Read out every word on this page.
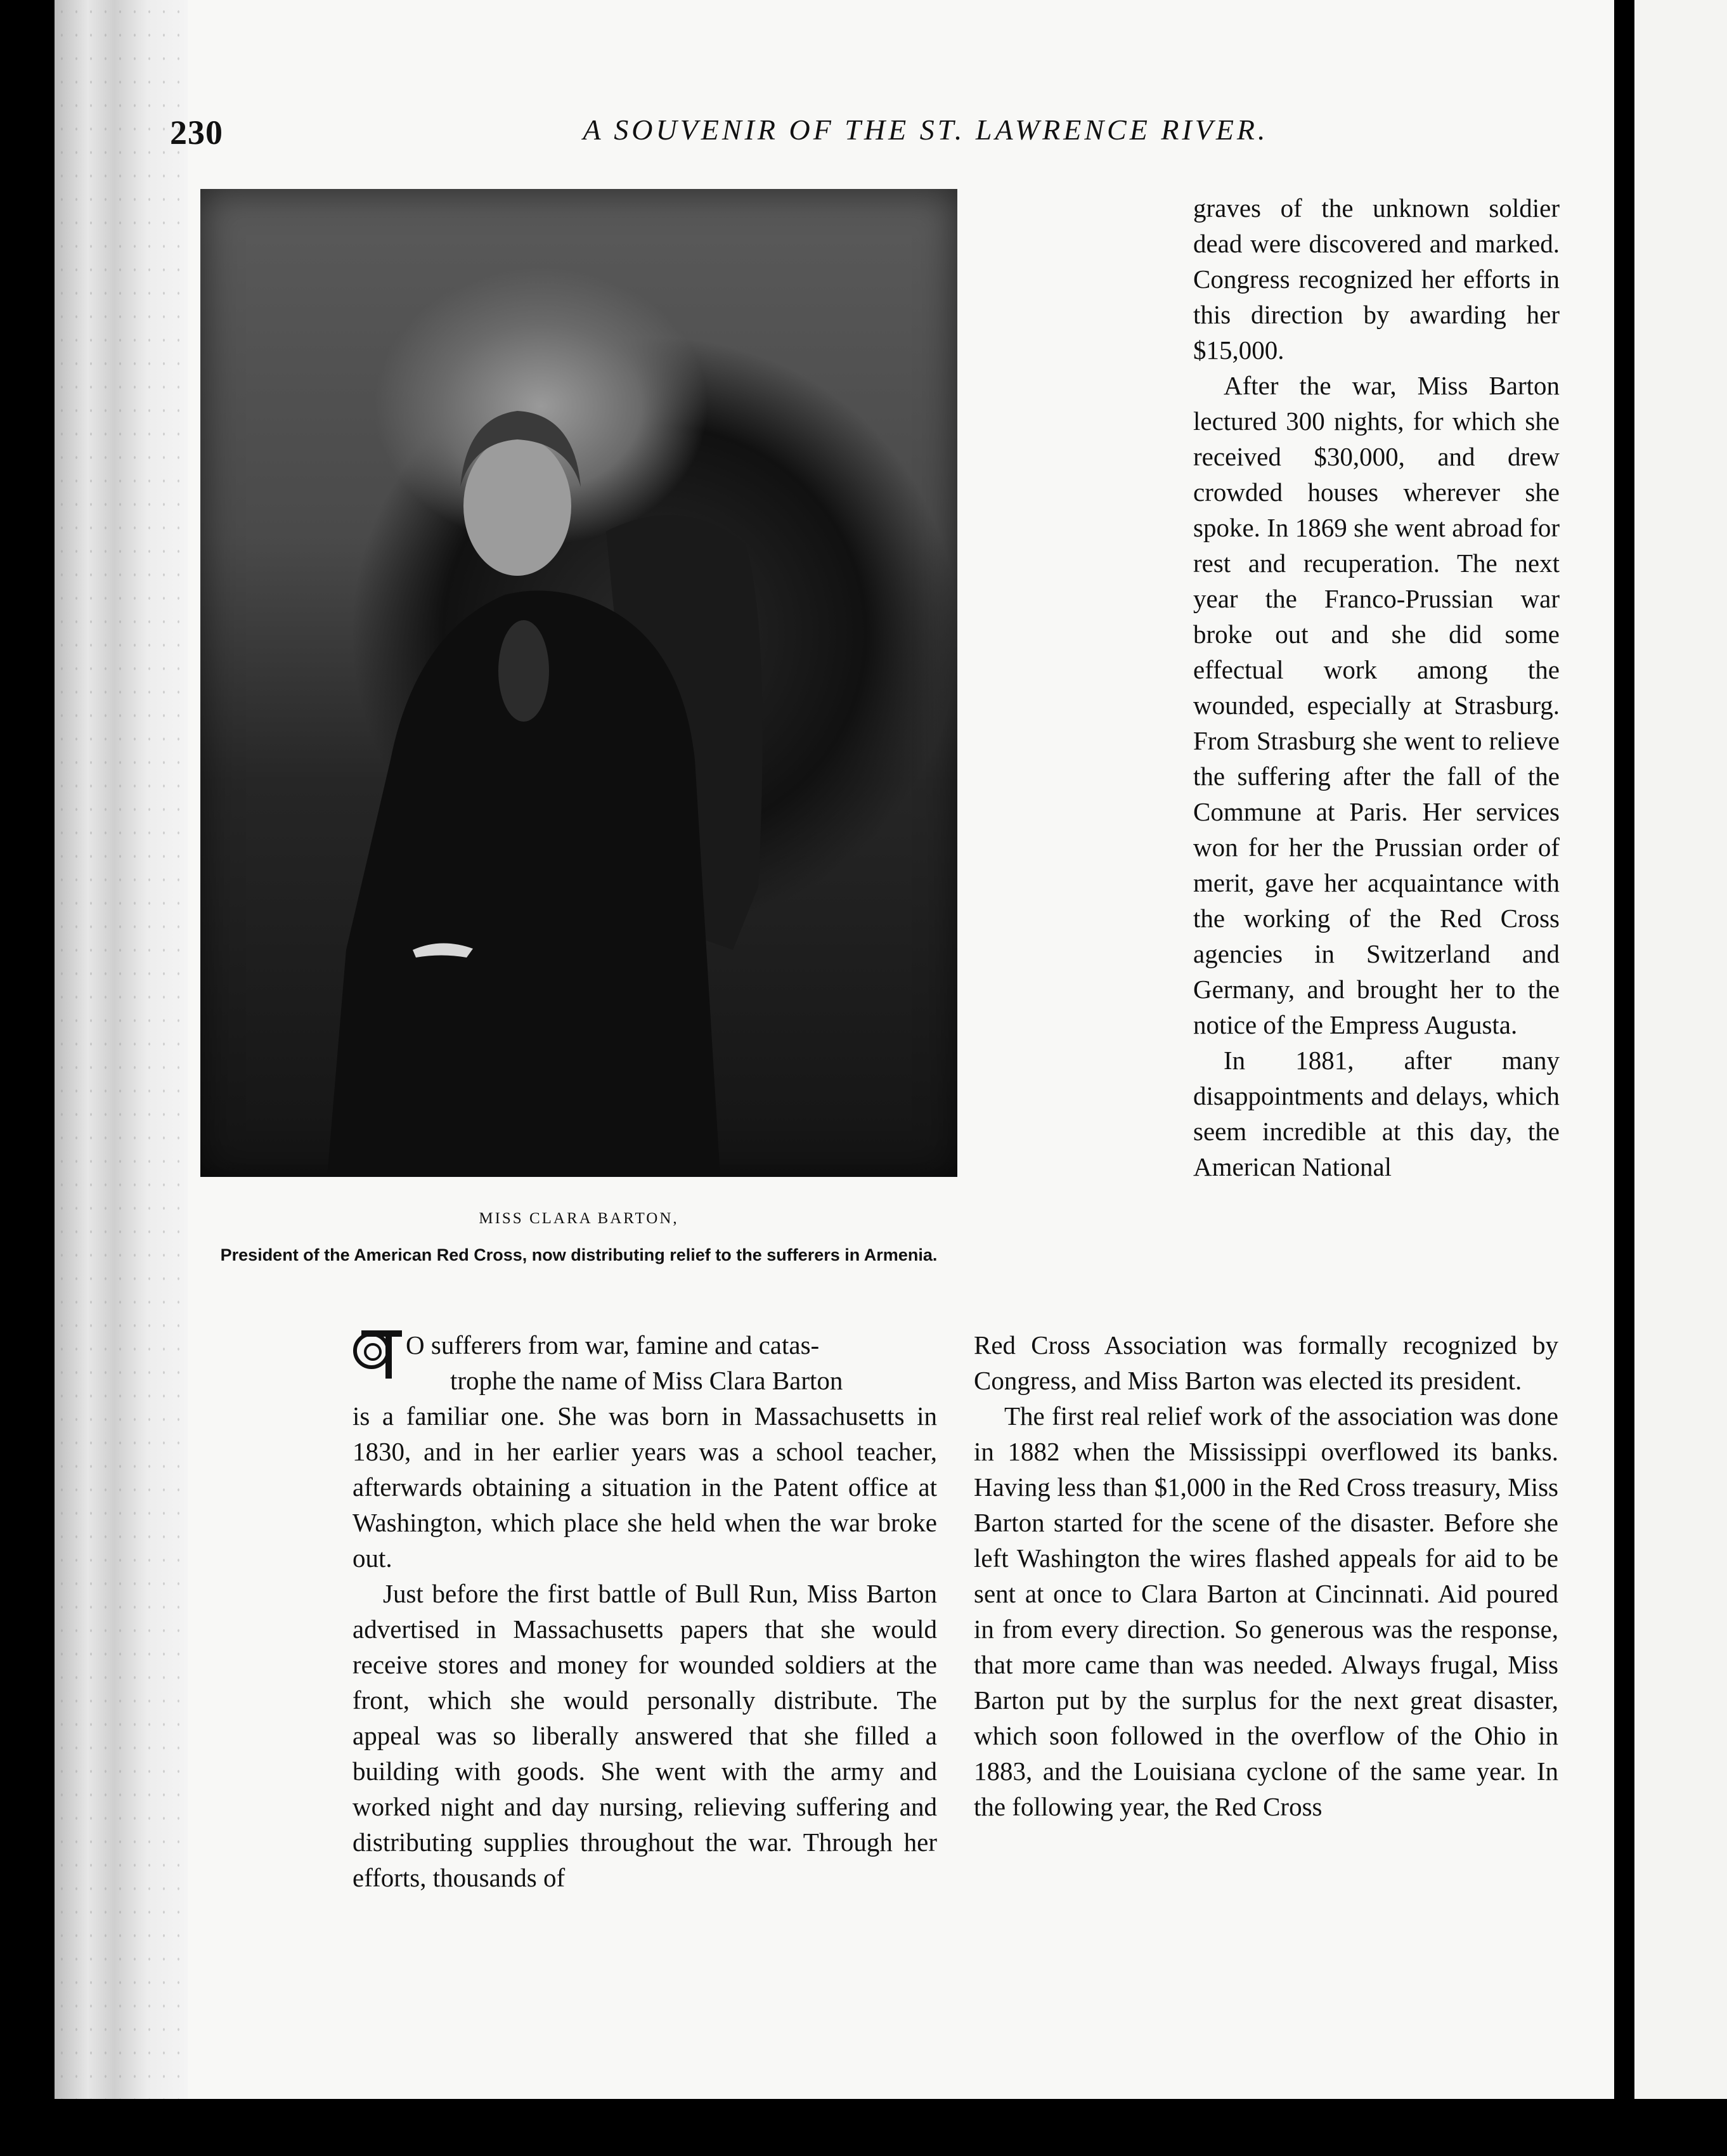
230	A SOUVENIR OF THE ST. LAWRENCE RIVER.
MISS CLARA BARTON,
President of the American Red Cross, now distributing relief to the sufferers in Armenia.

graves of the unknown soldier dead were discovered and marked. Congress recognized her efforts in this direction by awarding her $15,000.

After the war, Miss Barton lectured 300 nights, for which she received $30,000, and drew crowded houses wherever she spoke. In 1869 she went abroad for rest and recuperation. The next year the Franco-Prussian war broke out and she did some effectual work among the wounded, especially at Strasburg. From Strasburg she went to relieve the suffering after the fall of the Commune at Paris. Her services won for her the Prussian order of merit, gave her acquaintance with the working of the Red Cross agencies in Switzerland and Germany, and brought her to the notice of the Empress Augusta.

In 1881, after many disappointments and delays, which seem incredible at this day, the American National

O sufferers from war, famine and catas-
trophe the name of Miss Clara Barton

is a familiar one. She was born in Massachusetts in 1830, and in her earlier years was a school teacher, afterwards obtaining a situation in the Patent office at Washington, which place she held when the war broke out.

Just before the first battle of Bull Run, Miss Barton advertised in Massachusetts papers that she would receive stores and money for wounded soldiers at the front, which she would personally distribute. The appeal was so liberally answered that she filled a building with goods. She went with the army and worked night and day nursing, relieving suffering and distributing supplies throughout the war. Through her efforts, thousands of

Red Cross Association was formally recognized by Congress, and Miss Barton was elected its president.

The first real relief work of the association was done in 1882 when the Mississippi overflowed its banks. Having less than $1,000 in the Red Cross treasury, Miss Barton started for the scene of the disaster. Before she left Washington the wires flashed appeals for aid to be sent at once to Clara Barton at Cincinnati. Aid poured in from every direction. So generous was the response, that more came than was needed. Always frugal, Miss Barton put by the surplus for the next great disaster, which soon followed in the overflow of the Ohio in 1883, and the Louisiana cyclone of the same year. In the following year, the Red Cross
